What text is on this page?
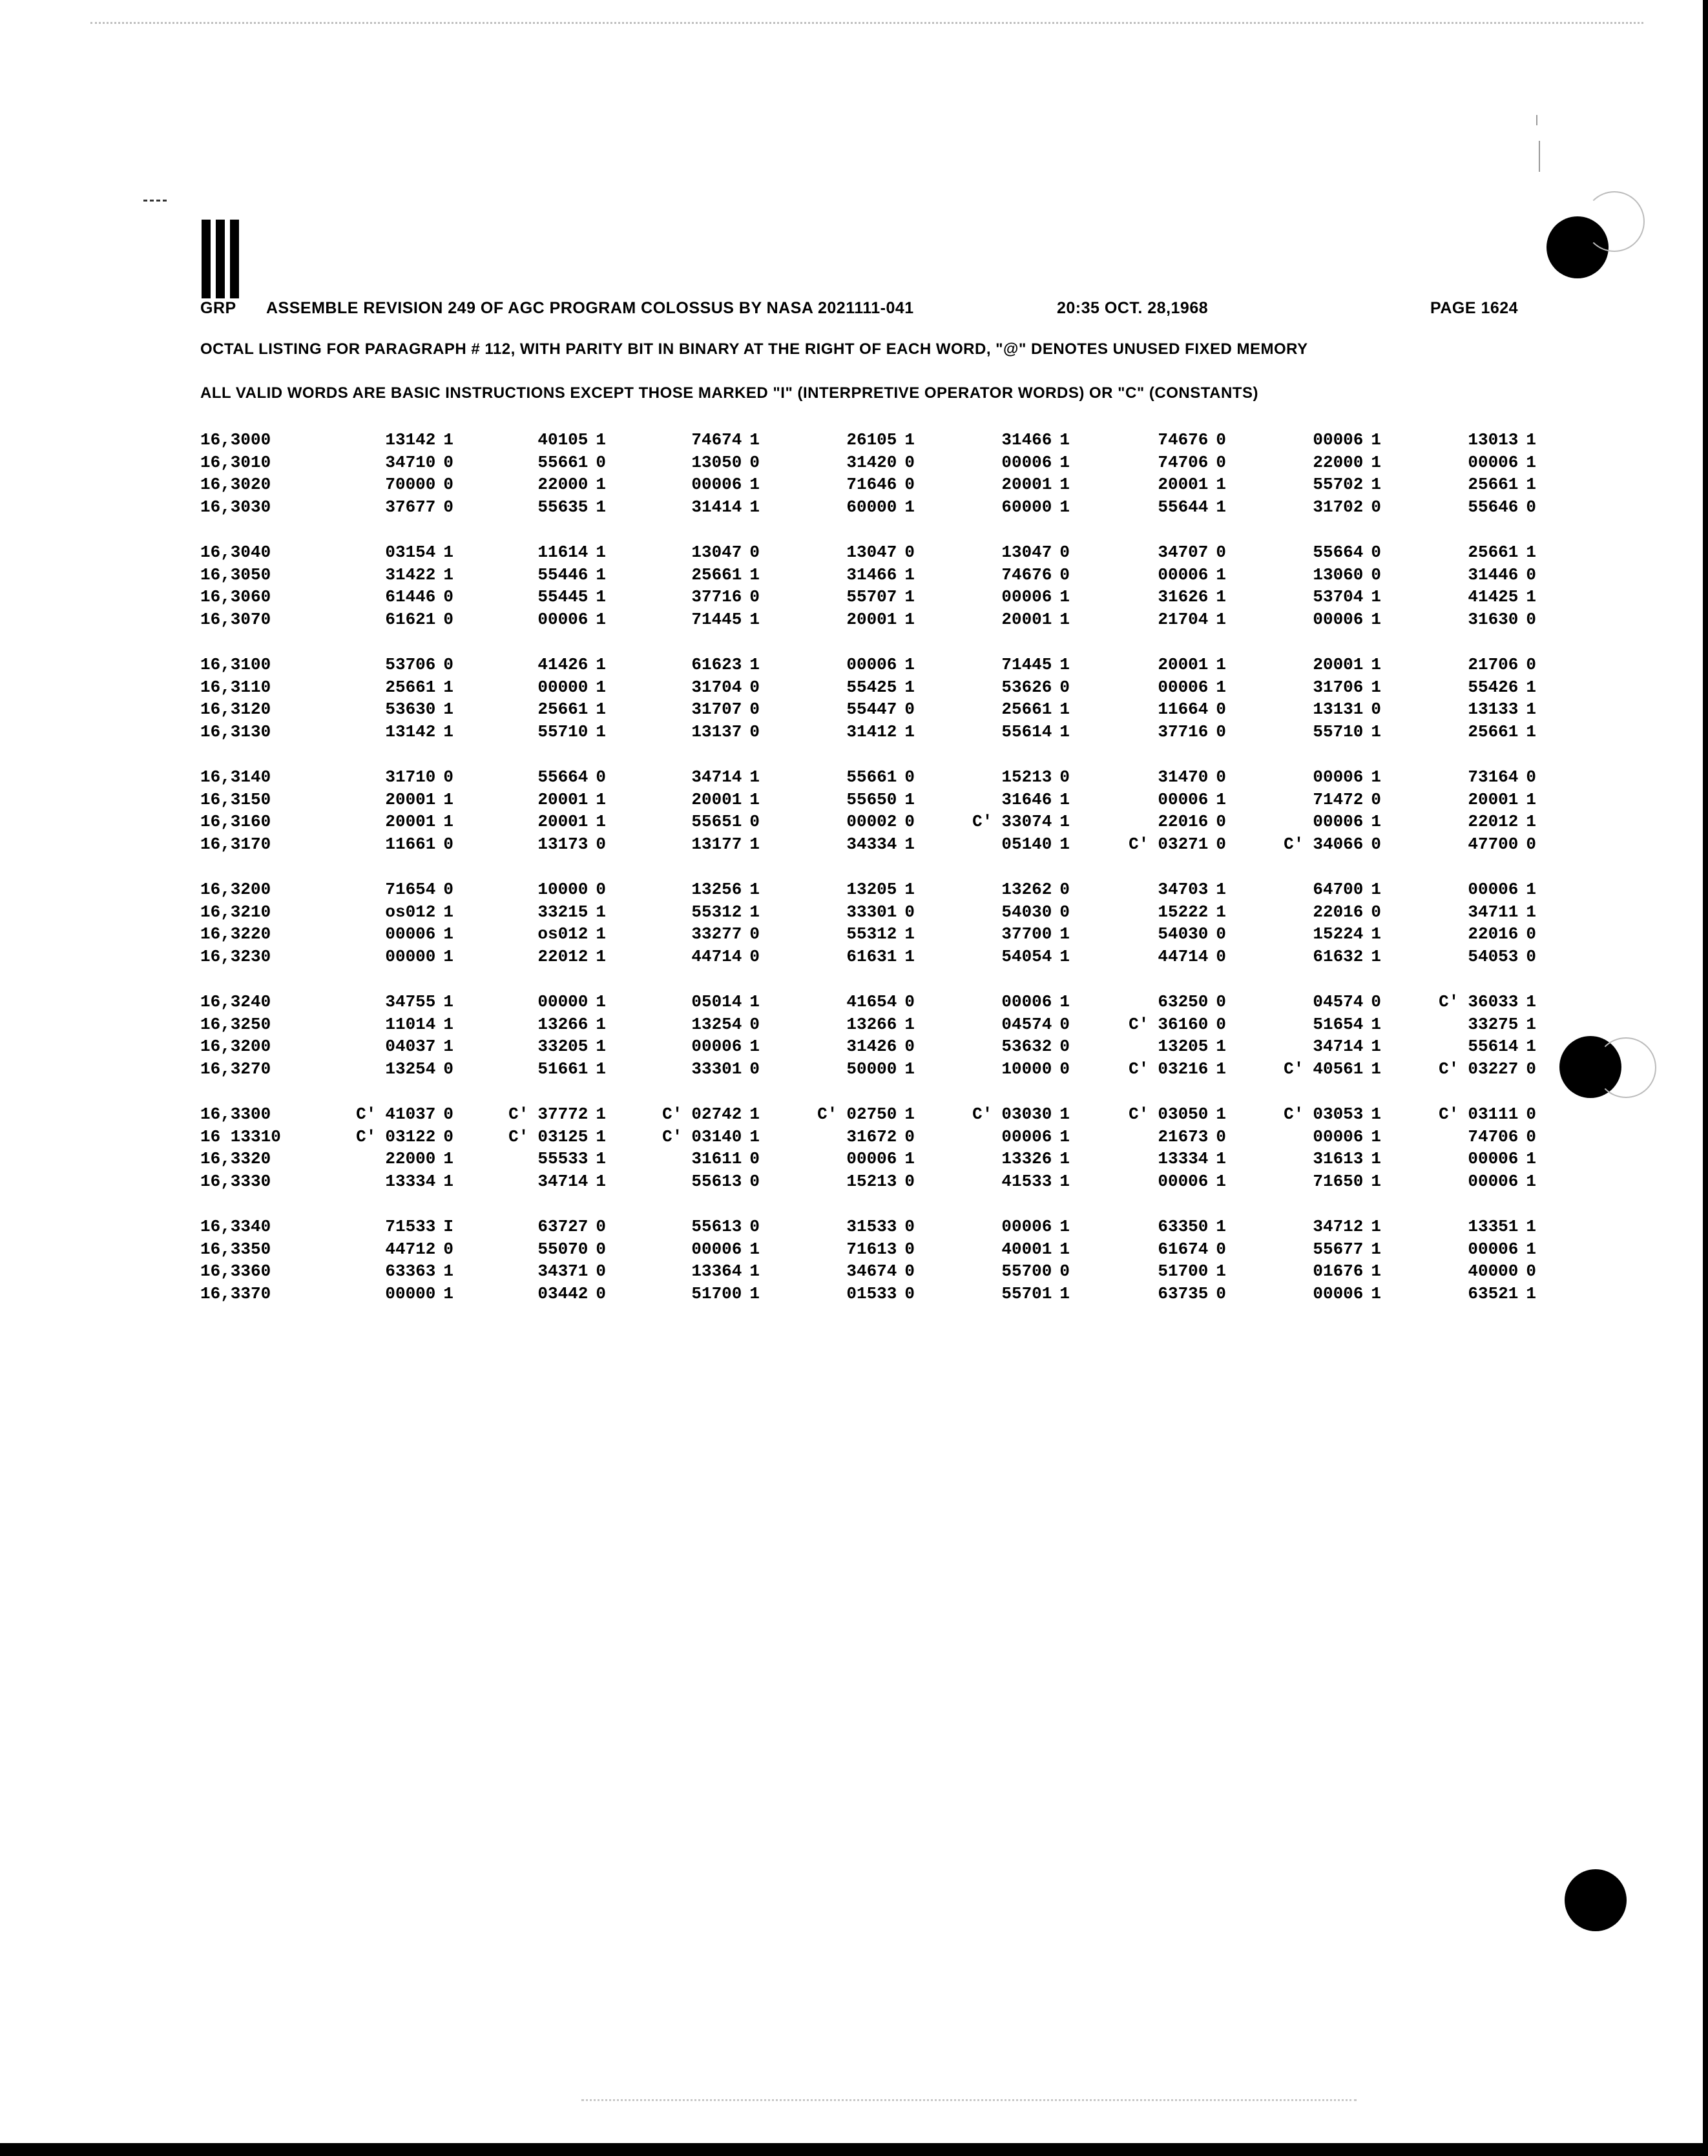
GRP ASSEMBLE REVISION 249 OF AGC PROGRAM COLOSSUS BY NASA 2021111-041	20:35 OCT. 28,1968	PAGE 1624
OCTAL LISTING FOR PARAGRAPH # 112, WITH PARITY BIT IN BINARY AT THE RIGHT OF EACH WORD, "@" DENOTES UNUSED FIXED MEMORY
ALL VALID WORDS ARE BASIC INSTRUCTIONS EXCEPT THOSE MARKED "I" (INTERPRETIVE OPERATOR WORDS) OR "C" (CONSTANTS)
16,3000	13142 1	40105 1	74674 1	26105 1	31466 1	74676 0	00006 1	13013 1
16,3010	34710 0	55661 0	13050 0	31420 0	00006 1	74706 0	22000 1	00006 1
16,3020	70000 0	22000 1	00006 1	71646 0	20001 1	20001 1	55702 1	25661 1
16,3030	37677 0	55635 1	31414 1	60000 1	60000 1	55644 1	31702 0	55646 0
16,3040	03154 1	11614 1	13047 0	13047 0	13047 0	34707 0	55664 0	25661 1
16,3050	31422 1	55446 1	25661 1	31466 1	74676 0	00006 1	13060 0	31446 0
16,3060	61446 0	55445 1	37716 0	55707 1	00006 1	31626 1	53704 1	41425 1
16,3070	61621 0	00006 1	71445 1	20001 1	20001 1	21704 1	00006 1	31630 0
16,3100	53706 0	41426 1	61623 1	00006 1	71445 1	20001 1	20001 1	21706 0
16,3110	25661 1	00000 1	31704 0	55425 1	53626 0	00006 1	31706 1	55426 1
16,3120	53630 1	25661 1	31707 0	55447 0	25661 1	11664 0	13131 0	13133 1
16,3130	13142 1	55710 1	13137 0	31412 1	55614 1	37716 0	55710 1	25661 1
16,3140	31710 0	55664 0	34714 1	55661 0	15213 0	31470 0	00006 1	73164 0
16,3150	20001 1	20001 1	20001 1	55650 1	31646 1	00006 1	71472 0	20001 1
16,3160	20001 1	20001 1	55651 0	00002 0	C' 33074 1	22016 0	00006 1	22012 1
16,3170	11661 0	13173 0	13177 1	34334 1	05140 1	C' 03271 0	C' 34066 0	47700 0
16,3200	71654 0	10000 0	13256 1	13205 1	13262 0	34703 1	64700 1	00006 1
16,3210	os012 1	33215 1	55312 1	33301 0	54030 0	15222 1	22016 0	34711 1
16,3220	00006 1	os012 1	33277 0	55312 1	37700 1	54030 0	15224 1	22016 0
16,3230	00000 1	22012 1	44714 0	61631 1	54054 1	44714 0	61632 1	54053 0
16,3240	34755 1	00000 1	05014 1	41654 0	00006 1	63250 0	04574 0	C' 36033 1
16,3250	11014 1	13266 1	13254 0	13266 1	04574 0	C' 36160 0	51654 1	33275 1
16,3200	04037 1	33205 1	00006 1	31426 0	53632 0	13205 1	34714 1	55614 1
16,3270	13254 0	51661 1	33301 0	50000 1	10000 0	C' 03216 1	C' 40561 1	C' 03227 0
16,3300	C' 41037 0	C' 37772 1	C' 02742 1	C' 02750 1	C' 03030 1	C' 03050 1	C' 03053 1	C' 03111 0
16 13310	C' 03122 0	C' 03125 1	C' 03140 1	31672 0	00006 1	21673 0	00006 1	74706 0
16,3320	22000 1	55533 1	31611 0	00006 1	13326 1	13334 1	31613 1	00006 1
16,3330	13334 1	34714 1	55613 0	15213 0	41533 1	00006 1	71650 1	00006 1
16,3340	71533 I	63727 0	55613 0	31533 0	00006 1	63350 1	34712 1	13351 1
16,3350	44712 0	55070 0	00006 1	71613 0	40001 1	61674 0	55677 1	00006 1
16,3360	63363 1	34371 0	13364 1	34674 0	55700 0	51700 1	01676 1	40000 0
16,3370	00000 1	03442 0	51700 1	01533 0	55701 1	63735 0	00006 1	63521 1
